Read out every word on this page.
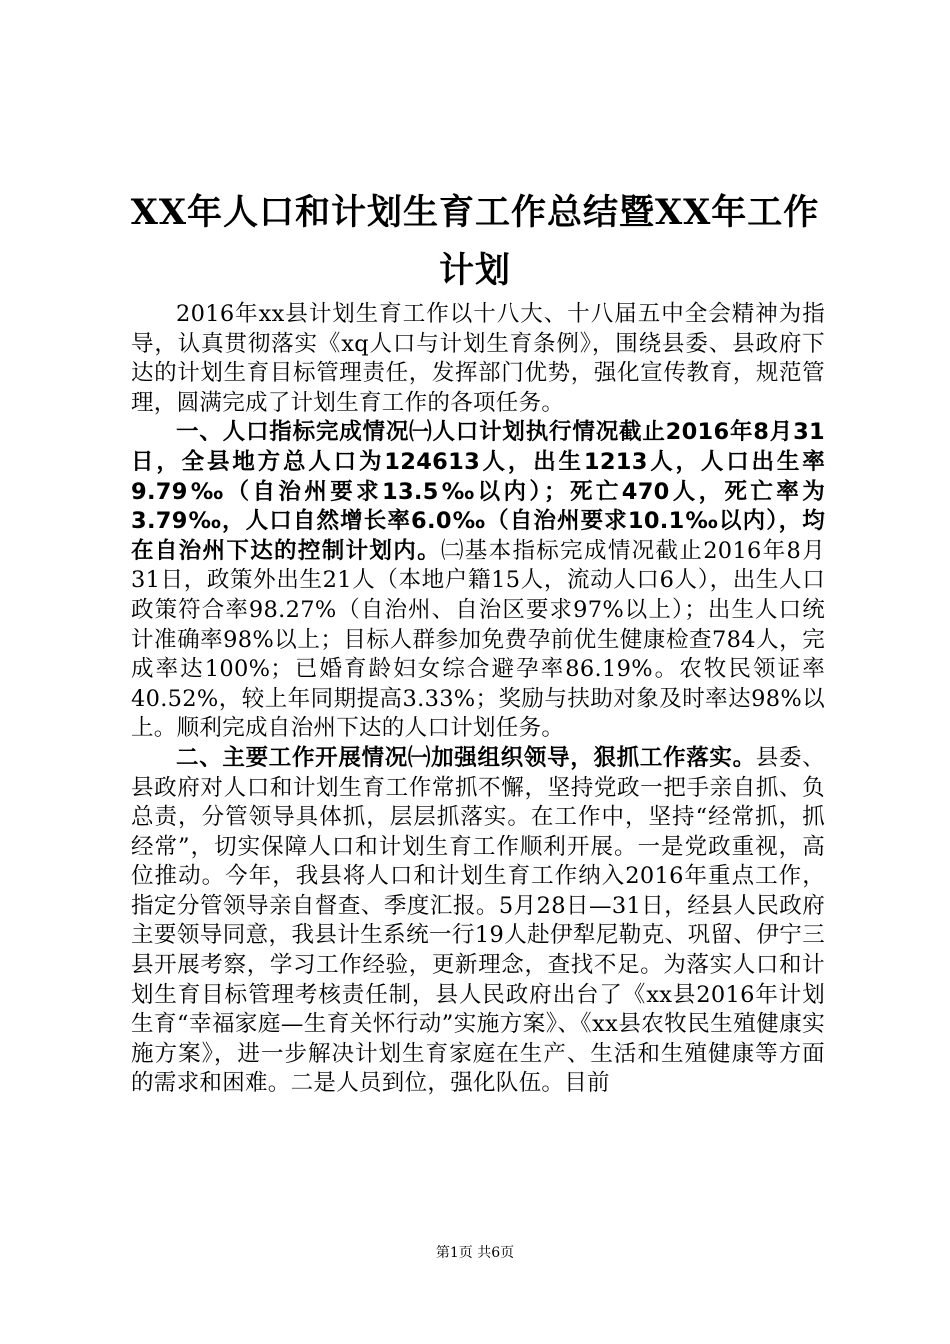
XX年人口和计划生育工作总结暨XX年工作计划

2016年xx县计划生育工作以十八大、十八届五中全会精神为指导，认真贯彻落实《xq人口与计划生育条例》，围绕县委、县政府下达的计划生育目标管理责任，发挥部门优势，强化宣传教育，规范管理，圆满完成了计划生育工作的各项任务。

一、人口指标完成情况㈠人口计划执行情况截止2016年8月31日，全县地方总人口为124613人，出生1213人，人口出生率9.79‰（自治州要求13.5‰以内）；死亡470人，死亡率为3.79‰，人口自然增长率6.0‰（自治州要求10.1‰以内），均在自治州下达的控制计划内。㈡基本指标完成情况截止2016年8月31日，政策外出生21人（本地户籍15人，流动人口6人），出生人口政策符合率98.27%（自治州、自治区要求97%以上）；出生人口统计准确率98%以上；目标人群参加免费孕前优生健康检查784人，完成率达100%；已婚育龄妇女综合避孕率86.19%。农牧民领证率40.52%，较上年同期提高3.33%；奖励与扶助对象及时率达98%以上。顺利完成自治州下达的人口计划任务。

二、主要工作开展情况㈠加强组织领导，狠抓工作落实。县委、县政府对人口和计划生育工作常抓不懈，坚持党政一把手亲自抓、负总责，分管领导具体抓，层层抓落实。在工作中，坚持“经常抓，抓经常”，切实保障人口和计划生育工作顺利开展。一是党政重视，高位推动。今年，我县将人口和计划生育工作纳入2016年重点工作，指定分管领导亲自督查、季度汇报。5月28日—31日，经县人民政府主要领导同意，我县计生系统一行19人赴伊犁尼勒克、巩留、伊宁三县开展考察，学习工作经验，更新理念，查找不足。为落实人口和计划生育目标管理考核责任制，县人民政府出台了《xx县2016年计划生育“幸福家庭—生育关怀行动”实施方案》、《xx县农牧民生殖健康实施方案》，进一步解决计划生育家庭在生产、生活和生殖健康等方面的需求和困难。二是人员到位，强化队伍。目前

第1页 共6页
